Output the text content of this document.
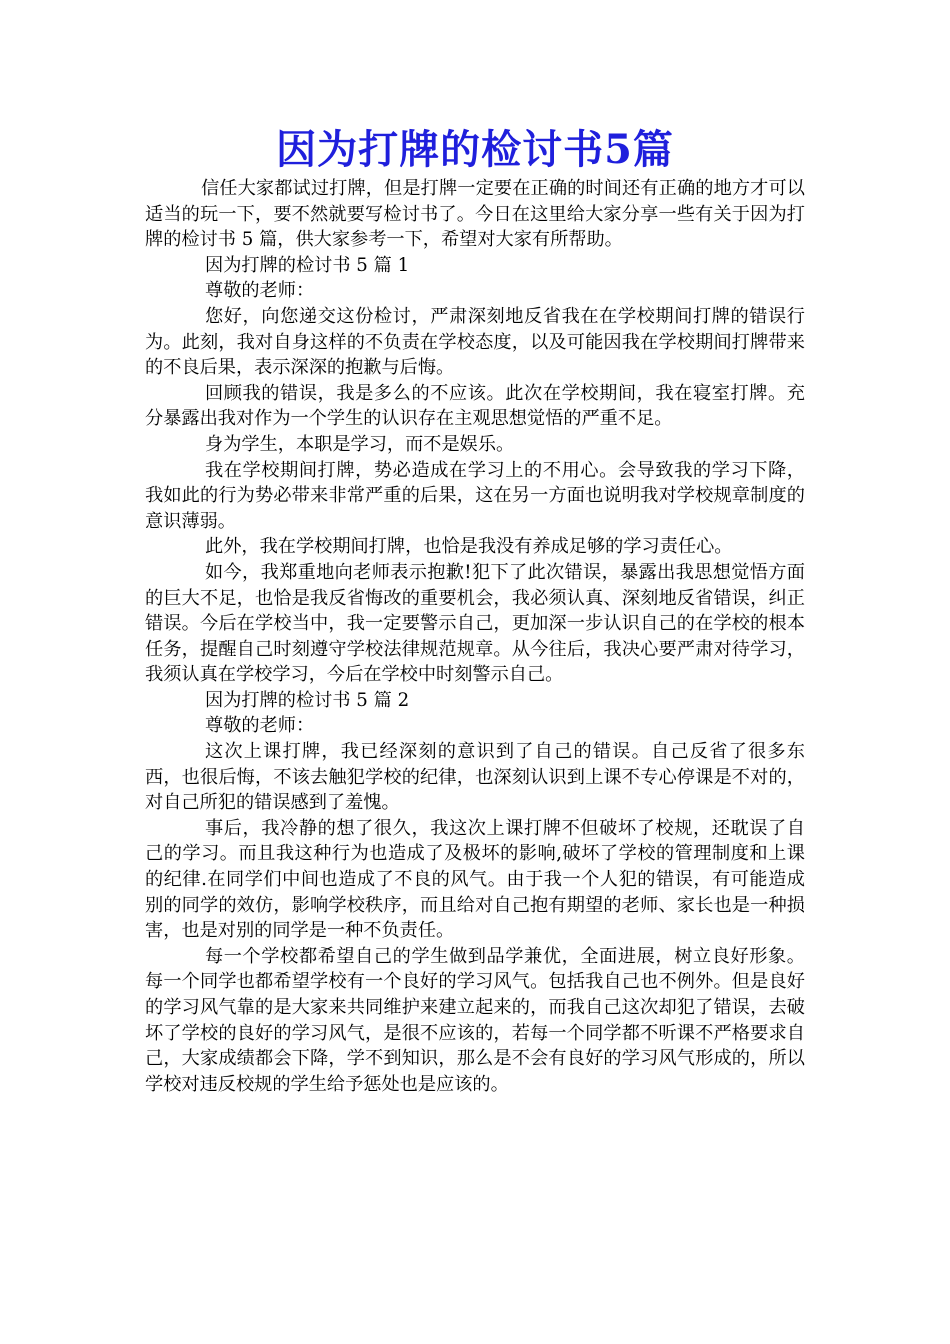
因为打牌的检讨书5篇

信任大家都试过打牌，但是打牌一定要在正确的时间还有正确的地方才可以适当的玩一下，要不然就要写检讨书了。今日在这里给大家分享一些有关于因为打牌的检讨书 5 篇，供大家参考一下，希望对大家有所帮助。

因为打牌的检讨书 5 篇 1

尊敬的老师：

您好，向您递交这份检讨，严肃深刻地反省我在在学校期间打牌的错误行为。此刻，我对自身这样的不负责在学校态度，以及可能因我在学校期间打牌带来的不良后果，表示深深的抱歉与后悔。

回顾我的错误，我是多么的不应该。此次在学校期间，我在寝室打牌。充分暴露出我对作为一个学生的认识存在主观思想觉悟的严重不足。

身为学生，本职是学习，而不是娱乐。

我在学校期间打牌，势必造成在学习上的不用心。会导致我的学习下降，我如此的行为势必带来非常严重的后果，这在另一方面也说明我对学校规章制度的意识薄弱。

此外，我在学校期间打牌，也恰是我没有养成足够的学习责任心。

如今，我郑重地向老师表示抱歉!犯下了此次错误，暴露出我思想觉悟方面的巨大不足，也恰是我反省悔改的重要机会，我必须认真、深刻地反省错误，纠正错误。今后在学校当中，我一定要警示自己，更加深一步认识自己的在学校的根本任务，提醒自己时刻遵守学校法律规范规章。从今往后，我决心要严肃对待学习，我须认真在学校学习，今后在学校中时刻警示自己。

因为打牌的检讨书 5 篇 2

尊敬的老师：

这次上课打牌，我已经深刻的意识到了自己的错误。自己反省了很多东西，也很后悔，不该去触犯学校的纪律，也深刻认识到上课不专心停课是不对的，对自己所犯的错误感到了羞愧。

事后，我冷静的想了很久，我这次上课打牌不但破坏了校规，还耽误了自己的学习。而且我这种行为也造成了及极坏的影响,破坏了学校的管理制度和上课的纪律.在同学们中间也造成了不良的风气。由于我一个人犯的错误，有可能造成别的同学的效仿，影响学校秩序，而且给对自己抱有期望的老师、家长也是一种损害，也是对别的同学是一种不负责任。

每一个学校都希望自己的学生做到品学兼优，全面进展，树立良好形象。每一个同学也都希望学校有一个良好的学习风气。包括我自己也不例外。但是良好的学习风气靠的是大家来共同维护来建立起来的，而我自己这次却犯了错误，去破坏了学校的良好的学习风气，是很不应该的，若每一个同学都不听课不严格要求自己，大家成绩都会下降，学不到知识，那么是不会有良好的学习风气形成的，所以学校对违反校规的学生给予惩处也是应该的。
